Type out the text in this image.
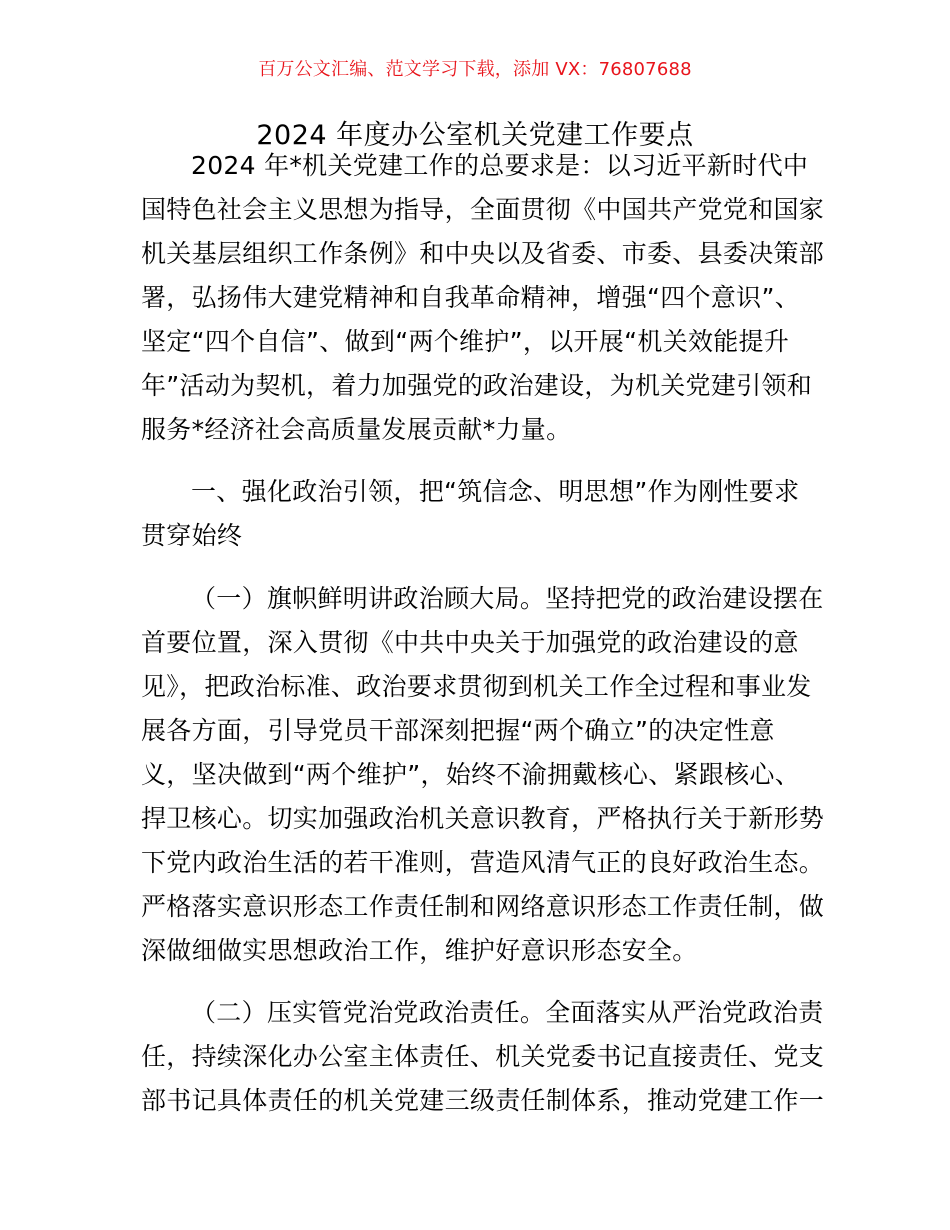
百万公文汇编、范文学习下载，添加 VX：76807688
2024 年度办公室机关党建工作要点
2024 年*机关党建工作的总要求是：以习近平新时代中
国特色社会主义思想为指导，全面贯彻《中国共产党党和国家
机关基层组织工作条例》和中央以及省委、市委、县委决策部
署，弘扬伟大建党精神和自我革命精神，增强“四个意识”、
坚定“四个自信”、做到“两个维护”，以开展“机关效能提升
年”活动为契机，着力加强党的政治建设，为机关党建引领和
服务*经济社会高质量发展贡献*力量。
一、强化政治引领，把“筑信念、明思想”作为刚性要求
贯穿始终
（一）旗帜鲜明讲政治顾大局。坚持把党的政治建设摆在
首要位置，深入贯彻《中共中央关于加强党的政治建设的意
见》，把政治标准、政治要求贯彻到机关工作全过程和事业发
展各方面，引导党员干部深刻把握“两个确立”的决定性意
义，坚决做到“两个维护”，始终不渝拥戴核心、紧跟核心、
捍卫核心。切实加强政治机关意识教育，严格执行关于新形势
下党内政治生活的若干准则，营造风清气正的良好政治生态。
严格落实意识形态工作责任制和网络意识形态工作责任制，做
深做细做实思想政治工作，维护好意识形态安全。
（二）压实管党治党政治责任。全面落实从严治党政治责
任，持续深化办公室主体责任、机关党委书记直接责任、党支
部书记具体责任的机关党建三级责任制体系，推动党建工作一
